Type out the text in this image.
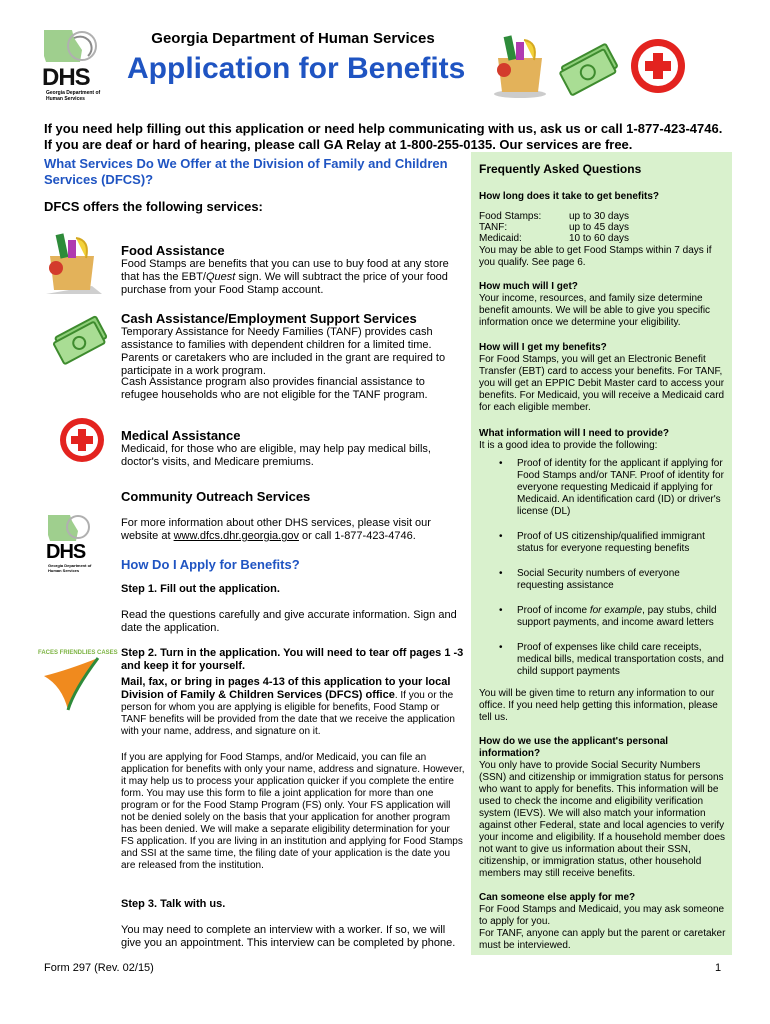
DHS
Georgia Department of Human Services
Georgia Department of Human Services
Application for Benefits
If you need help filling out this application or need help communicating with us, ask us or call 1-877-423-4746.
If you are deaf or hard of hearing, please call GA Relay at 1-800-255-0135. Our services are free.
What Services Do We Offer at the Division of Family and Children Services (DFCS)?
DFCS offers the following services:
Food Assistance
Food Stamps are benefits that you can use to buy food at any store that has the EBT/Quest sign. We will subtract the price of your food purchase from your Food Stamp account.
Cash Assistance/Employment Support Services
Temporary Assistance for Needy Families (TANF) provides cash assistance to families with dependent children for a limited time. Parents or caretakers who are included in the grant are required to participate in a work program.
Cash Assistance program also provides financial assistance to refugee households who are not eligible for the TANF program.
Medical Assistance
Medicaid, for those who are eligible, may help pay medical bills, doctor's visits, and Medicare premiums.
Community Outreach Services
For more information about other DHS services, please visit our website at www.dfcs.dhr.georgia.gov or call 1-877-423-4746.
DHS
Georgia Department of Human Services	How Do I Apply for Benefits?
Step 1. Fill out the application.
Read the questions carefully and give accurate information. Sign and date the application.
FACES FRIENDLIES CASES Step 2. Turn in the application. You will need to tear off pages 1 -3 and keep it for yourself.
Mail, fax, or bring in pages 4-13 of this application to your local Division of Family & Children Services (DFCS) office. If you or the person for whom you are applying is eligible for benefits, Food Stamp or TANF benefits will be provided from the date that we receive the application with your name, address, and signature on it.
If you are applying for Food Stamps, and/or Medicaid, you can file an application for benefits with only your name, address and signature. However, it may help us to process your application quicker if you complete the entire form. You may use this form to file a joint application for more than one program or for the Food Stamp Program (FS) only. Your FS application will not be denied solely on the basis that your application for another program has been denied. We will make a separate eligibility determination for your FS application. If you are living in an institution and applying for Food Stamps and SSI at the same time, the filing date of your application is the date you are released from the institution.
Step 3. Talk with us.
You may need to complete an interview with a worker. If so, we will give you an appointment. This interview can be completed by phone.
Frequently Asked Questions
How long does it take to get benefits?
Food Stamps:	up to 30 days
TANF:	up to 45 days
Medicaid:	10 to 60 days
You may be able to get Food Stamps within 7 days if you qualify. See page 6.
How much will I get?
Your income, resources, and family size determine benefit amounts. We will be able to give you specific information once we determine your eligibility.
How will I get my benefits?
For Food Stamps, you will get an Electronic Benefit Transfer (EBT) card to access your benefits. For TANF, you will get an EPPIC Debit Master card to access your benefits. For Medicaid, you will receive a Medicaid card for each eligible member.
What information will I need to provide?
It is a good idea to provide the following:
• Proof of identity for the applicant if applying for Food Stamps and/or TANF. Proof of identity for everyone requesting Medicaid if applying for Medicaid. An identification card (ID) or driver's license (DL)
• Proof of US citizenship/qualified immigrant status for everyone requesting benefits
• Social Security numbers of everyone requesting assistance
• Proof of income for example, pay stubs, child support payments, and income award letters
• Proof of expenses like child care receipts, medical bills, medical transportation costs, and child support payments
You will be given time to return any information to our office. If you need help getting this information, please tell us.
How do we use the applicant's personal information?
You only have to provide Social Security Numbers (SSN) and citizenship or immigration status for persons who want to apply for benefits. This information will be used to check the income and eligibility verification system (IEVS). We will also match your information against other Federal, state and local agencies to verify your income and eligibility. If a household member does not want to give us information about their SSN, citizenship, or immigration status, other household members may still receive benefits.
Can someone else apply for me?
For Food Stamps and Medicaid, you may ask someone to apply for you.
For TANF, anyone can apply but the parent or caretaker must be interviewed.
Form 297 (Rev. 02/15)	1
